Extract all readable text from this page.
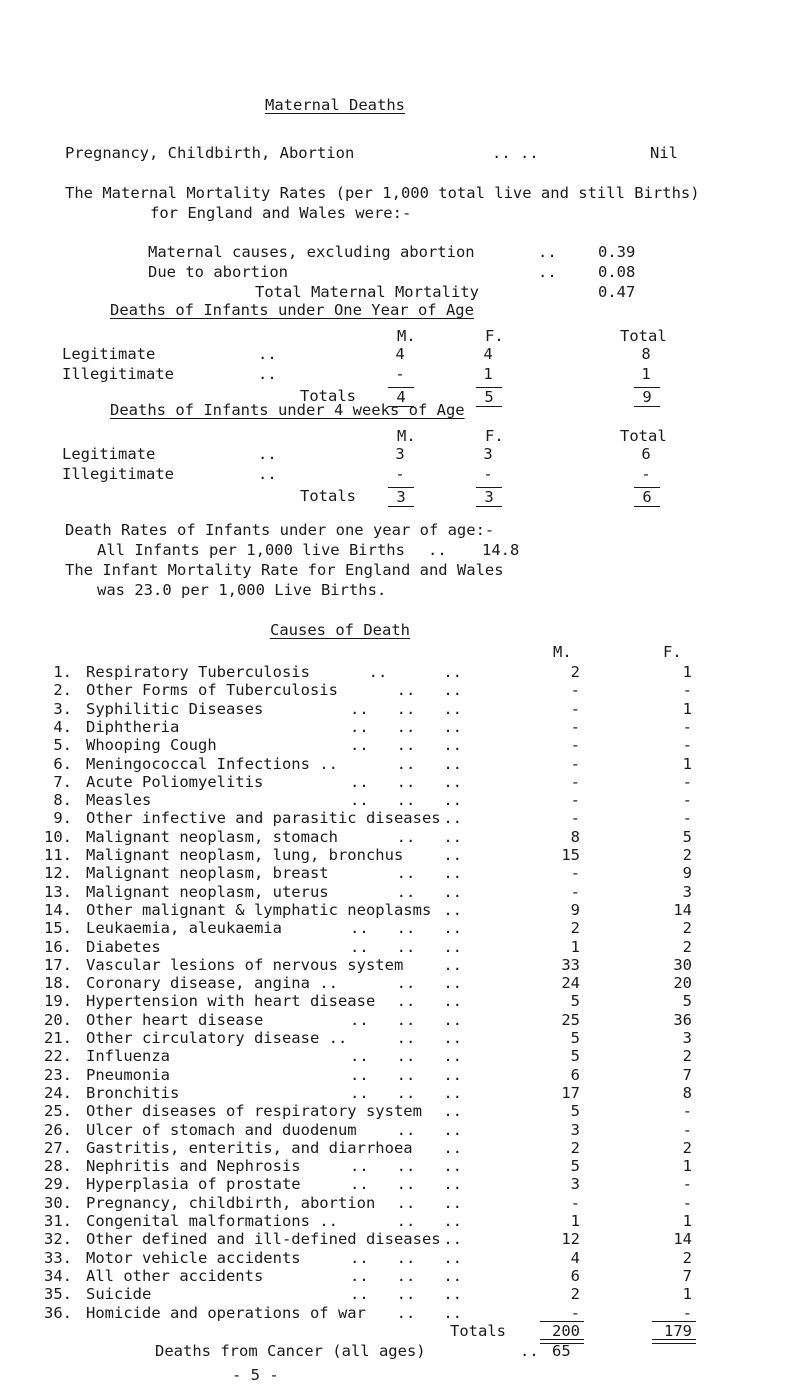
Maternal Deaths
Pregnancy, Childbirth, Abortion	.. ..	Nil
The Maternal Mortality Rates (per 1,000 total live and still Births)
for England and Wales were:-
Maternal causes, excluding abortion	..	0.39
Due to abortion	..	0.08
Total Maternal Mortality	0.47
Deaths of Infants under One Year of Age
M.	F.	Total
Legitimate	..	4	4	8
Illegitimate	..	-	1	1
Totals	4	5	9
Deaths of Infants under 4 weeks of Age
M.	F.	Total
Legitimate	..	3	3	6
Illegitimate	..	-	-	-
Totals	3	3	6
Death Rates of Infants under one year of age:-
All Infants per 1,000 live Births .. 14.8
The Infant Mortality Rate for England and Wales
was 23.0 per 1,000 Live Births.
Causes of Death
M.	F.
1. Respiratory Tuberculosis	..      ..	2	1
2. Other Forms of Tuberculosis	..   ..	-	-
3. Syphilitic Diseases	..   ..   ..	-	1
4. Diphtheria	..   ..   ..	-	-
5. Whooping Cough	..   ..   ..	-	-
6. Meningococcal Infections ..	..   ..	-	1
7. Acute Poliomyelitis	..   ..   ..	-	-
8. Measles	..   ..   ..	-	-
9. Other infective and parasitic diseases ..	-	-
10. Malignant neoplasm, stomach	..   ..	8	5
11. Malignant neoplasm, lung, bronchus	..	15	2
12. Malignant neoplasm, breast	..   ..	-	9
13. Malignant neoplasm, uterus	..   ..	-	3
14. Other malignant & lymphatic neoplasms ..	9	14
15. Leukaemia, aleukaemia	..   ..   ..	2	2
16. Diabetes	..   ..   ..	1	2
17. Vascular lesions of nervous system	..	33	30
18. Coronary disease, angina ..	..   ..	24	20
19. Hypertension with heart disease	..   ..	5	5
20. Other heart disease	..   ..   ..	25	36
21. Other circulatory disease ..	..   ..	5	3
22. Influenza	..   ..   ..	5	2
23. Pneumonia	..   ..   ..	6	7
24. Bronchitis	..   ..   ..	17	8
25. Other diseases of respiratory system	..	5	-
26. Ulcer of stomach and duodenum	..   ..	3	-
27. Gastritis, enteritis, and diarrhoea	..	2	2
28. Nephritis and Nephrosis	..   ..   ..	5	1
29. Hyperplasia of prostate	..   ..   ..	3	-
30. Pregnancy, childbirth, abortion	..   ..	-	-
31. Congenital malformations ..	..   ..	1	1
32. Other defined and ill-defined diseases ..	12	14
33. Motor vehicle accidents	..   ..   ..	4	2
34. All other accidents	..   ..   ..	6	7
35. Suicide	..   ..   ..	2	1
36. Homicide and operations of war	..   ..	-	-
Totals	200	179
Deaths from Cancer (all ages)	.. 65
- 5 -
